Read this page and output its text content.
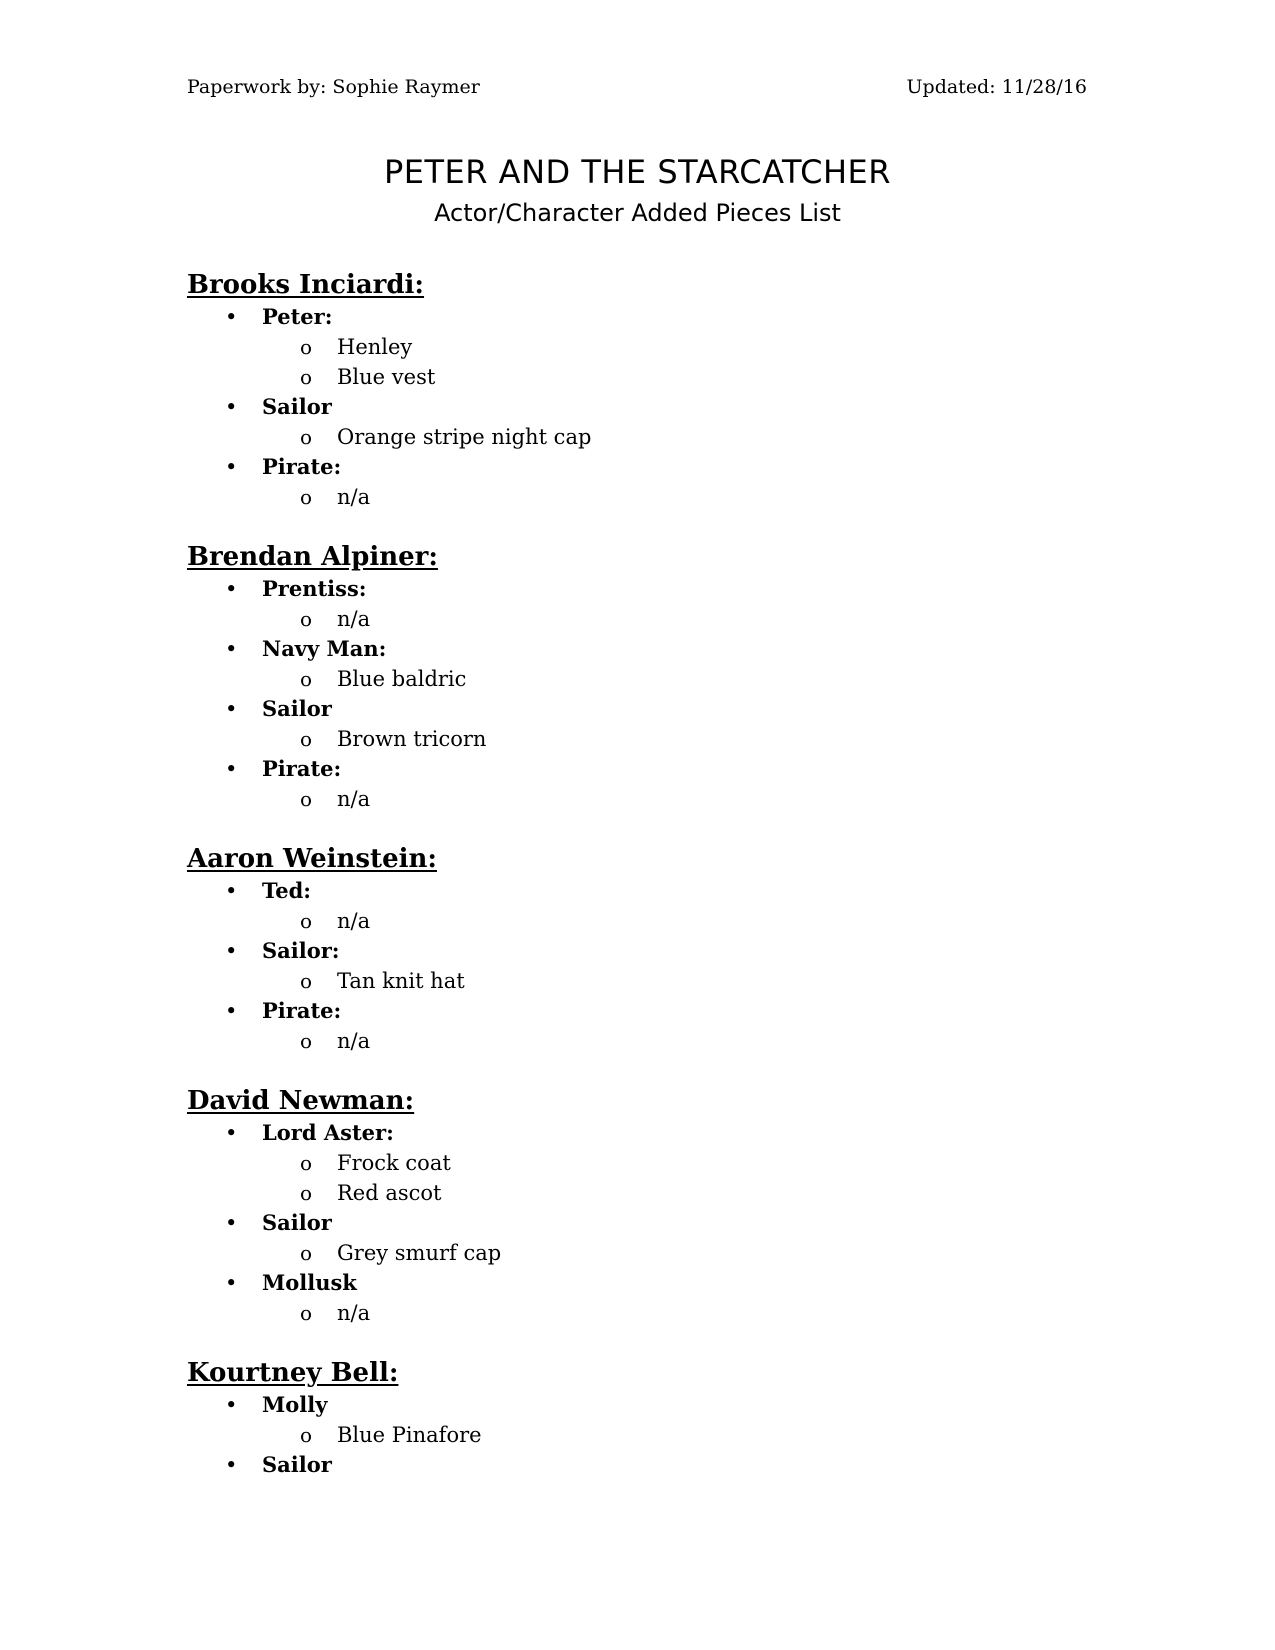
Paperwork by: Sophie Raymer	Updated: 11/28/16
PETER AND THE STARCATCHER
Actor/Character Added Pieces List
Brooks Inciardi:
• Peter:
o Henley
o Blue vest
• Sailor
o Orange stripe night cap
• Pirate:
o n/a
Brendan Alpiner:
• Prentiss:
o n/a
• Navy Man:
o Blue baldric
• Sailor
o Brown tricorn
• Pirate:
o n/a
Aaron Weinstein:
• Ted:
o n/a
• Sailor:
o Tan knit hat
• Pirate:
o n/a
David Newman:
• Lord Aster:
o Frock coat
o Red ascot
• Sailor
o Grey smurf cap
• Mollusk
o n/a
Kourtney Bell:
• Molly
o Blue Pinafore
• Sailor
